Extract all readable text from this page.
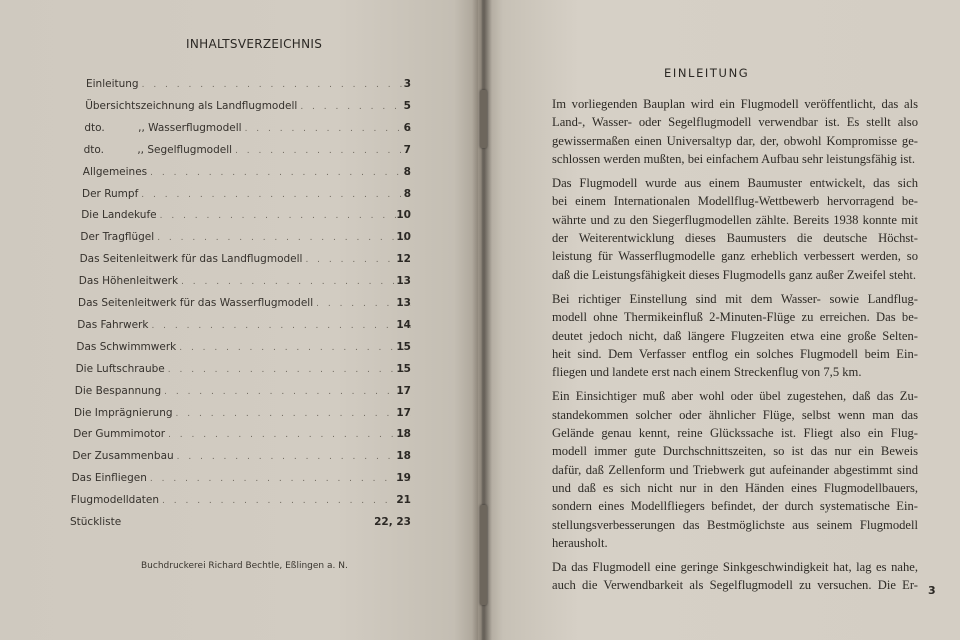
INHALTSVERZEICHNIS
Einleitung . . .	3
Übersichtszeichnung als Landflugmodell . . .	5
dto.          ,, Wasserflugmodell . . .	6
dto.          ,, Segelflugmodell . . .	7
Allgemeines . . .	8
Der Rumpf . . .	8
Die Landekufe . . .	10
Der Tragflügel . . .	10
Das Seitenleitwerk für das Landflugmodell . . .	12
Das Höhenleitwerk . . .	13
Das Seitenleitwerk für das Wasserflugmodell . . .	13
Das Fahrwerk . . .	14
Das Schwimmwerk . . .	15
Die Luftschraube . . .	15
Die Bespannung . . .	17
Die Imprägnierung . . .	17
Der Gummimotor . . .	18
Der Zusammenbau . . .	18
Das Einfliegen . . .	19
Flugmodelldaten . . .	21
Stückliste	22, 23
Buchdruckerei Richard Bechtle, Eßlingen a. N.
EINLEITUNG

Im vorliegenden Bauplan wird ein Flugmodell veröffentlicht, das als
Land-, Wasser- oder Segelflugmodell verwendbar ist. Es stellt also
gewissermaßen einen Universaltyp dar, der, obwohl Kompromisse ge-
schlossen werden mußten, bei einfachem Aufbau sehr leistungsfähig ist.

Das Flugmodell wurde aus einem Baumuster entwickelt, das sich
bei einem Internationalen Modellflug-Wettbewerb hervorragend be-
währte und zu den Siegerflugmodellen zählte. Bereits 1938 konnte mit
der Weiterentwicklung dieses Baumusters die deutsche Höchst-
leistung für Wasserflugmodelle ganz erheblich verbessert werden, so
daß die Leistungsfähigkeit dieses Flugmodells ganz außer Zweifel steht.

Bei richtiger Einstellung sind mit dem Wasser- sowie Landflug-
modell ohne Thermikeinfluß 2-Minuten-Flüge zu erreichen. Das be-
deutet jedoch nicht, daß längere Flugzeiten etwa eine große Selten-
heit sind. Dem Verfasser entflog ein solches Flugmodell beim Ein-
fliegen und landete erst nach einem Streckenflug von 7,5 km.

Ein Einsichtiger muß aber wohl oder übel zugestehen, daß das Zu-
standekommen solcher oder ähnlicher Flüge, selbst wenn man das
Gelände genau kennt, reine Glückssache ist. Fliegt also ein Flug-
modell immer gute Durchschnittszeiten, so ist das nur ein Beweis
dafür, daß Zellenform und Triebwerk gut aufeinander abgestimmt sind
und daß es sich nicht nur in den Händen eines Flugmodellbauers,
sondern eines Modellfliegers befindet, der durch systematische Ein-
stellungsverbesserungen das Bestmöglichste aus seinem Flugmodell
herausholt.

Da das Flugmodell eine geringe Sinkgeschwindigkeit hat, lag es nahe,
auch die Verwendbarkeit als Segelflugmodell zu versuchen. Die Er- 3
